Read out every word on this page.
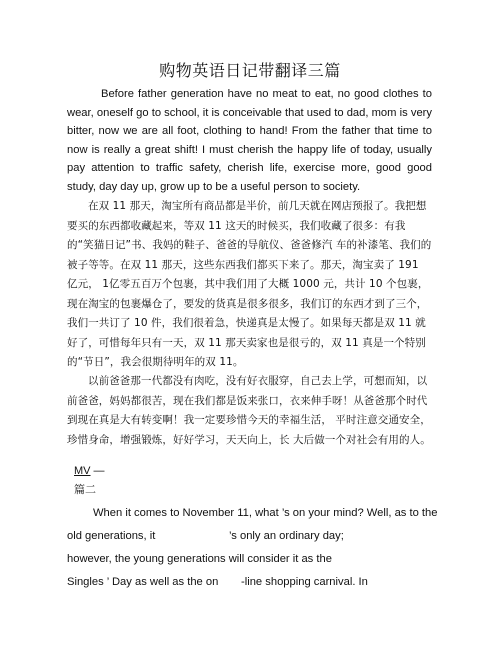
购物英语日记带翻译三篇

Before father generation have no meat to eat, no good clothes to wear, oneself go to school, it is conceivable that used to dad, mom is very bitter, now we are all foot, clothing to hand! From the father that time to now is really a great shift! I must cherish the happy life of today, usually pay attention to traffic safety, cherish life, exercise more, good good study, day day up, grow up to be a useful person to society.

在双 11 那天，淘宝所有商品都是半价，前几天就在网店预报了。我把想要买的东西都收藏起来，等双 11 这天的时候买，我们收藏了很多：有我的“笑猫日记”书、我妈的鞋子、爸爸的导航仪、爸爸修汽 车的补漆笔、我们的被子等等。在双 11 那天，这些东西我们都买下来了。那天，淘宝卖了 191 亿元， 1亿零五百万个包裹，其中我们用了大概 1000 元，共计 10 个包裹，现在淘宝的包裹爆仓了，要发的货真是很多很多，我们订的东西才到了三个，我们一共订了 10 件，我们很着急，快递真是太慢了。如果每天都是双 11 就好了，可惜每年只有一天，双 11 那天卖家也是很亏的，双 11 真是一个特别的“节日”，我会很期待明年的双 11。

以前爸爸那一代都没有肉吃，没有好衣服穿，自己去上学，可想而知，以前爸爸，妈妈都很苦，现在我们都是饭来张口，衣来伸手呀！从爸爸那个时代到现在真是大有转变啊！我一定要珍惜今天的幸福生活， 平时注意交通安全，珍惜身命，增强锻炼，好好学习，天天向上，长 大后做一个对社会有用的人。

MV —
篇二
When it comes to November 11, what ’s on your mind? Well, as to the
old generations, it	’s only an ordinary day;
however, the young generations will consider it as the
Singles ’ Day as well as the on -line shopping carnival. In
